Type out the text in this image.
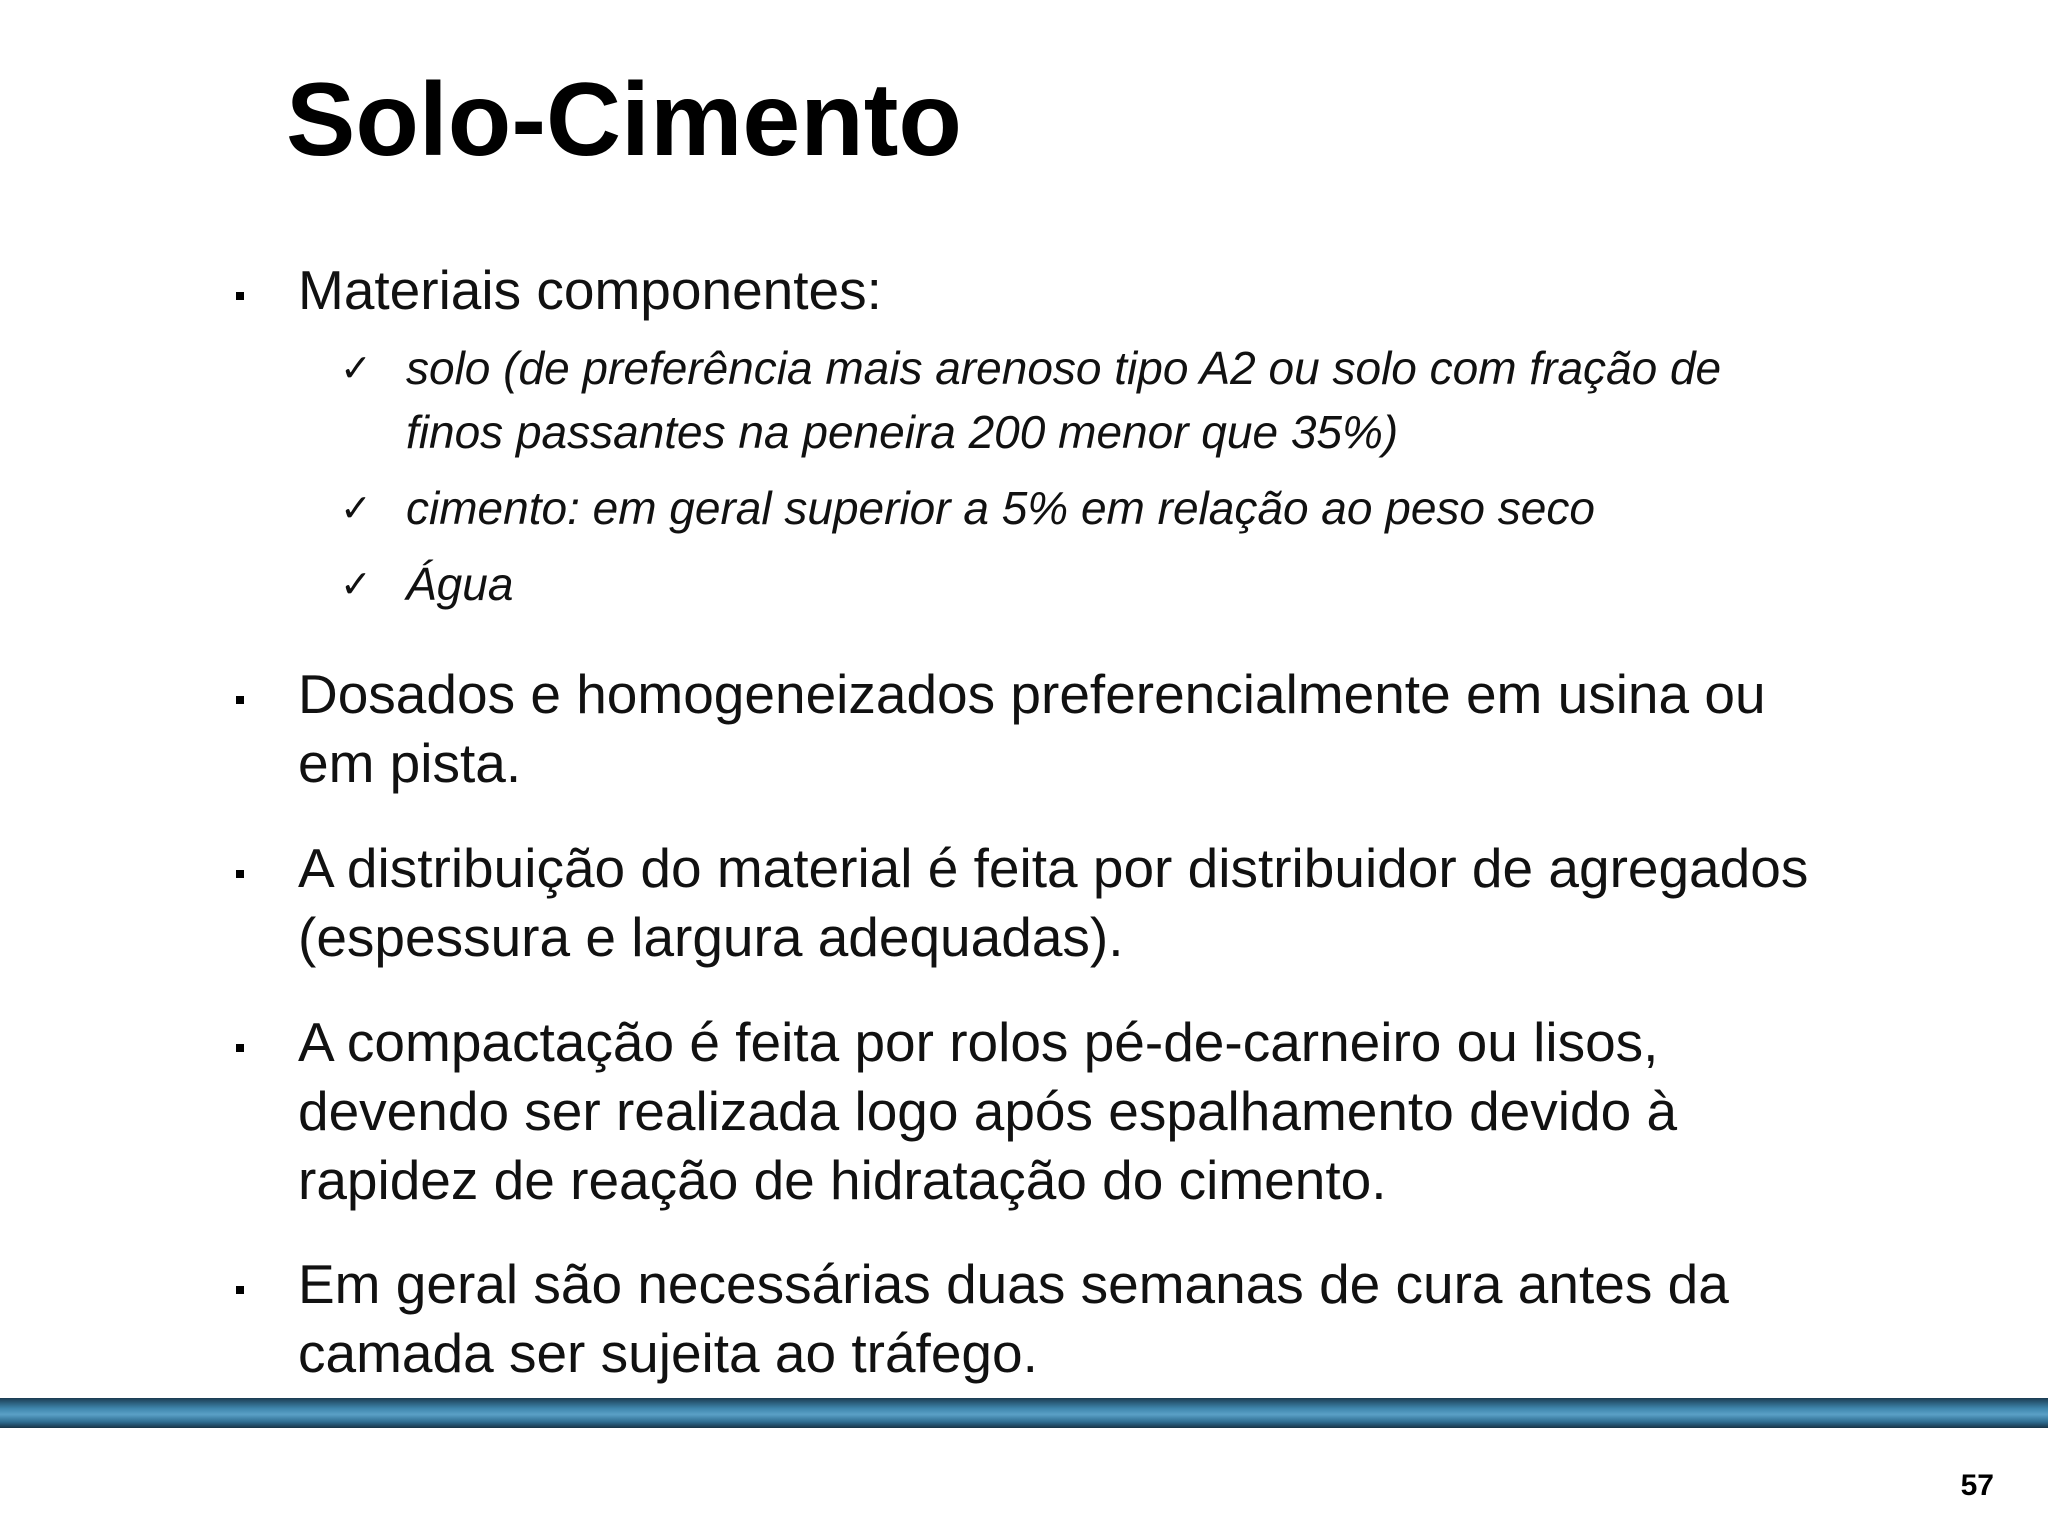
Solo-Cimento
Materiais componentes:
✓ solo (de preferência mais arenoso tipo A2 ou solo com fração de
finos passantes na peneira 200 menor que 35%)
✓ cimento: em geral superior a 5% em relação ao peso seco
✓ Água
Dosados e homogeneizados preferencialmente em usina ou
em pista.
A distribuição do material é feita por distribuidor de agregados
(espessura e largura adequadas).
A compactação é feita por rolos pé-de-carneiro ou lisos,
devendo ser realizada logo após espalhamento devido à
rapidez de reação de hidratação do cimento.
Em geral são necessárias duas semanas de cura antes da
camada ser sujeita ao tráfego.
57
